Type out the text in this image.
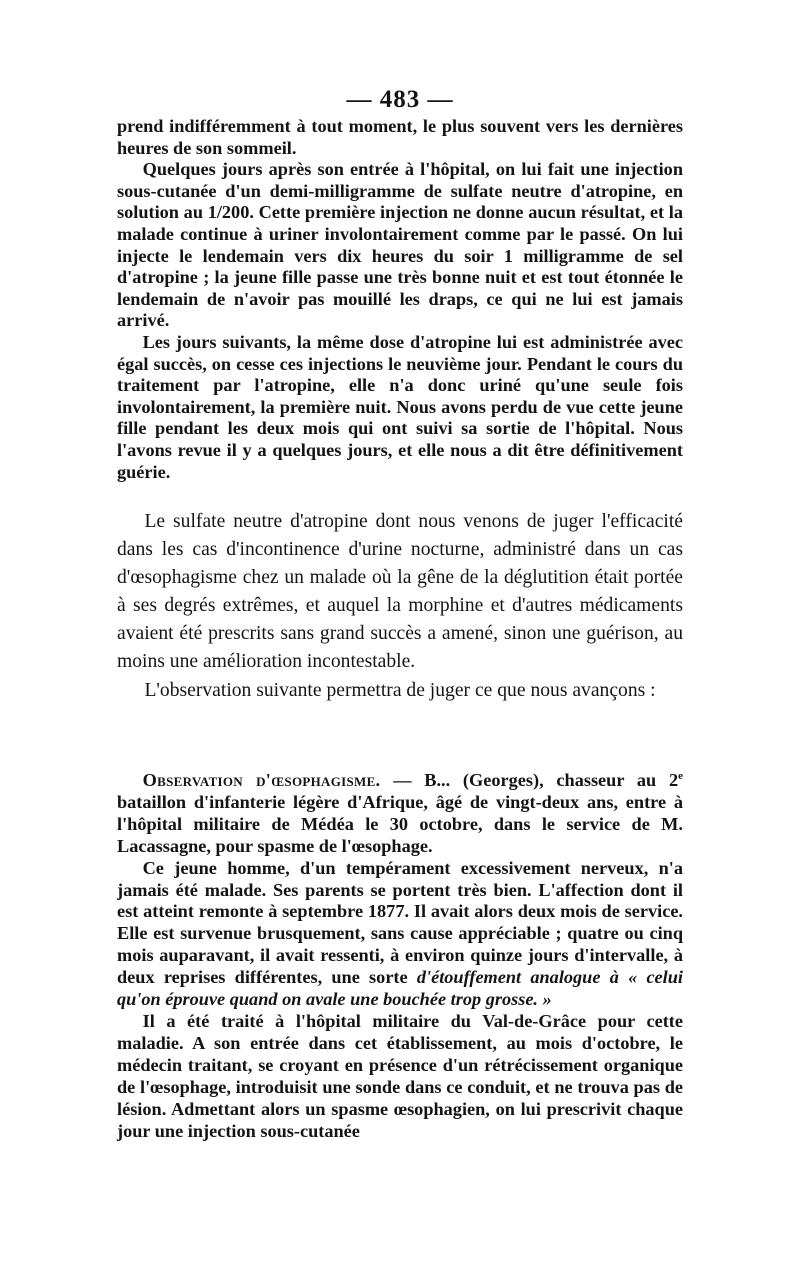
— 483 —

prend indifféremment à tout moment, le plus souvent vers les dernières heures de son sommeil.

Quelques jours après son entrée à l'hôpital, on lui fait une injection sous-cutanée d'un demi-milligramme de sulfate neutre d'atropine, en solution au 1/200. Cette première injection ne donne aucun résultat, et la malade continue à uriner involontairement comme par le passé. On lui injecte le lendemain vers dix heures du soir 1 milligramme de sel d'atropine ; la jeune fille passe une très bonne nuit et est tout étonnée le lendemain de n'avoir pas mouillé les draps, ce qui ne lui est jamais arrivé.

Les jours suivants, la même dose d'atropine lui est administrée avec égal succès, on cesse ces injections le neuvième jour. Pendant le cours du traitement par l'atropine, elle n'a donc uriné qu'une seule fois involontairement, la première nuit. Nous avons perdu de vue cette jeune fille pendant les deux mois qui ont suivi sa sortie de l'hôpital. Nous l'avons revue il y a quelques jours, et elle nous a dit être définitivement guérie.

Le sulfate neutre d'atropine dont nous venons de juger l'efficacité dans les cas d'incontinence d'urine nocturne, administré dans un cas d'œsophagisme chez un malade où la gêne de la déglutition était portée à ses degrés extrêmes, et auquel la morphine et d'autres médicaments avaient été prescrits sans grand succès a amené, sinon une guérison, au moins une amélioration incontestable.

L'observation suivante permettra de juger ce que nous avançons :

Observation d'œsophagisme. — B... (Georges), chasseur au 2e bataillon d'infanterie légère d'Afrique, âgé de vingt-deux ans, entre à l'hôpital militaire de Médéa le 30 octobre, dans le service de M. Lacassagne, pour spasme de l'œsophage.

Ce jeune homme, d'un tempérament excessivement nerveux, n'a jamais été malade. Ses parents se portent très bien. L'affection dont il est atteint remonte à septembre 1877. Il avait alors deux mois de service. Elle est survenue brusquement, sans cause appréciable ; quatre ou cinq mois auparavant, il avait ressenti, à environ quinze jours d'intervalle, à deux reprises différentes, une sorte d'étouffement analogue à « celui qu'on éprouve quand on avale une bouchée trop grosse. »

Il a été traité à l'hôpital militaire du Val-de-Grâce pour cette maladie. A son entrée dans cet établissement, au mois d'octobre, le médecin traitant, se croyant en présence d'un rétrécissement organique de l'œsophage, introduisit une sonde dans ce conduit, et ne trouva pas de lésion. Admettant alors un spasme œsophagien, on lui prescrivit chaque jour une injection sous-cutanée
